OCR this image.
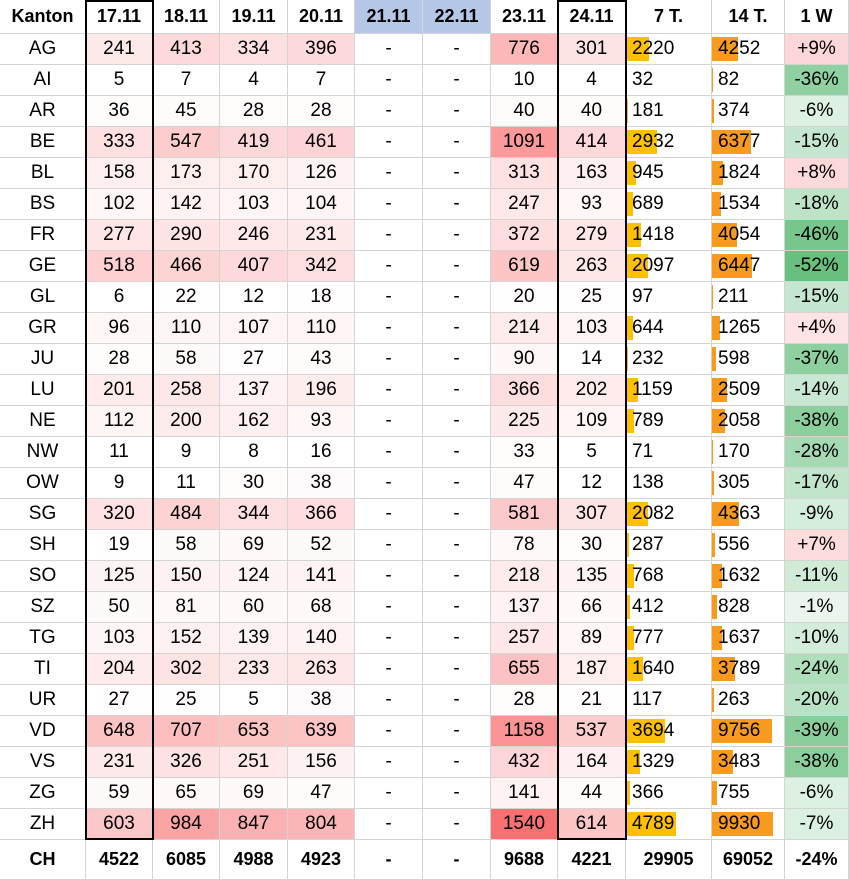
Kanton 17.11 18.11 19.11 20.11 21.11 22.11 23.11 24.11 7 T.	14 T. 1 W
AG 241 413 334 396	-	-	776 301 2220 4252 +9%
AI	5	7	4	7	-	-	10	4 32	82	-36%
AR	36 45 28 28	-	-	40 40 181	374	-6%
BE	333 547 419 461	-	- 1091 414 2932 6377 -15%
BL	158 173 170 126	-	-	313 163 945	1824 +8%
BS	102 142 103 104	-	-	247 93 689	1534 -18%
FR	277 290 246 231	-	-	372 279 1418 4054 -46%
GE 518 466 407 342	-	-	619 263 2097 6447 -52%
GL	6	22 12 18	-	-	20 25 97	211 -15%
GR	96 110 107 110	-	-	214 103 644	1265 +4%
JU	28 58 27 43	-	-	90 14 232	598 -37%
LU	201 258 137 196	-	-	366 202 1159 2509 -14%
NE	112 200 162 93	-	-	225 109 789	2058 -38%
NW	11	9	8	16	-	-	33	5 71	170 -28%
OW	9	11 30 38	-	-	47 12 138	305 -17%
SG 320 484 344 366	-	-	581 307 2082 4363 -9%
SH	19 58 69 52	-	-	78 30 287	556	+7%
SO 125 150 124 141	-	-	218 135 768	1632 -11%
SZ	50 81 60 68	-	-	137 66 412	828	-1%
TG 103 152 139 140	-	-	257 89 777	1637 -10%
TI	204 302 233 263	-	-	655 187 1640 3789 -24%
UR	27 25	5	38	-	-	28 21 117	263 -20%
VD 648 707 653 639	-	- 1158 537 3694 9756 -39%
VS	231 326 251 156	-	-	432 164 1329 3483 -38%
ZG	59 65 69 47	-	-	141 44 366	755	-6%
ZH	603 984 847 804	-	- 1540 614 4789 9930 -7%
CH 4522 6085 4988 4923 -	- 9688 4221 29905 69052 -24%
